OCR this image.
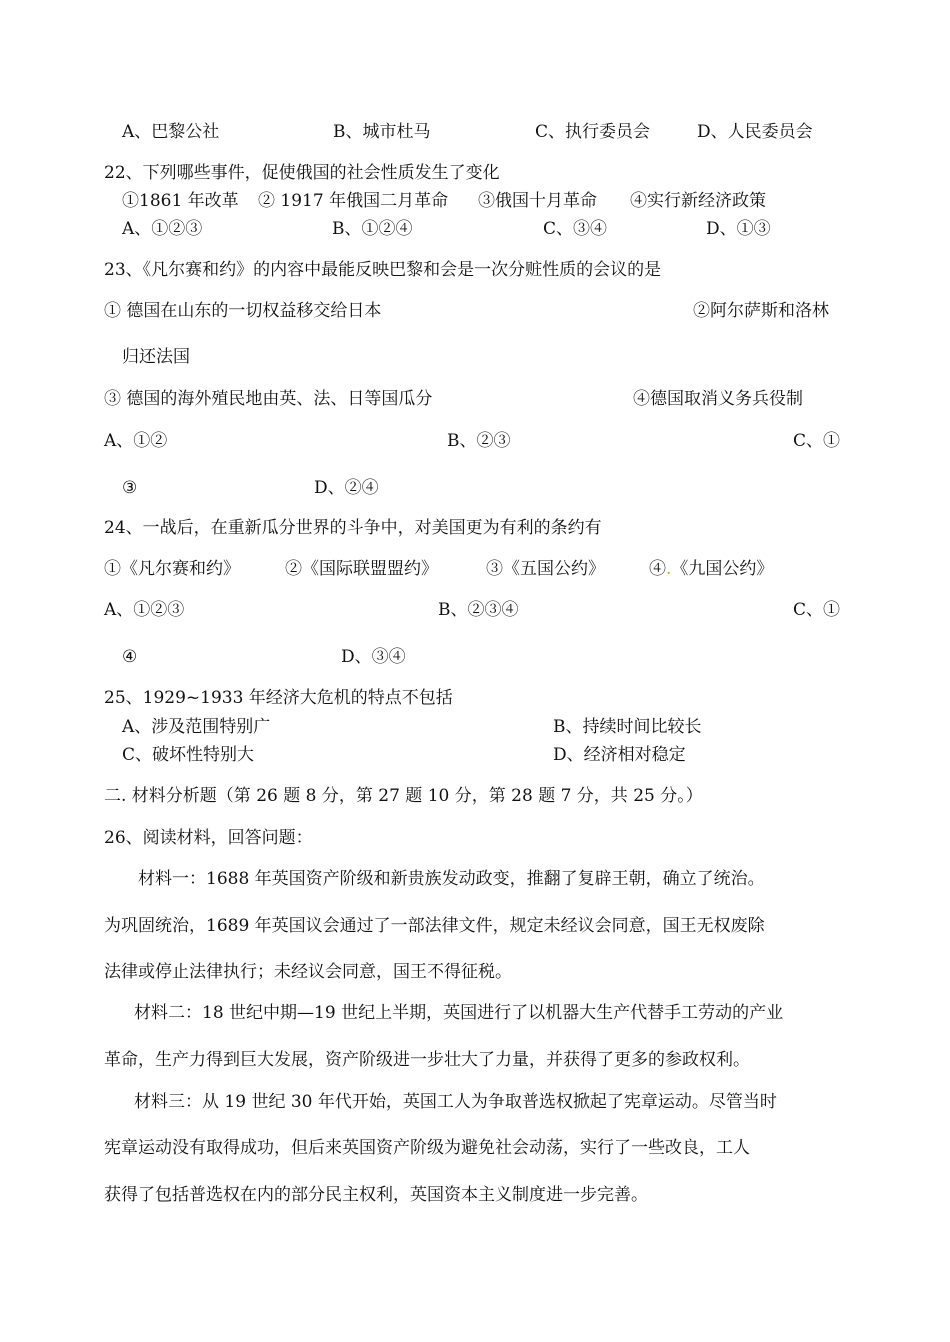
A、巴黎公社	B、城市杜马	C、执行委员会	D、人民委员会
22、下列哪些事件，促使俄国的社会性质发生了变化
①1861 年改革 ② 1917 年俄国二月革命 ③俄国十月革命 ④实行新经济政策
A、①②③	B、①②④	C、③④	D、①③
23、《凡尔赛和约》的内容中最能反映巴黎和会是一次分赃性质的会议的是
① 德国在山东的一切权益移交给日本	②阿尔萨斯和洛林
归还法国
③ 德国的海外殖民地由英、法、日等国瓜分	④德国取消义务兵役制
A、①②	B、②③	C、①
③	D、②④
24、一战后，在重新瓜分世界的斗争中，对美国更为有利的条约有
①《凡尔赛和约》	②《国际联盟盟约》	③《五国公约》	④.《九国公约》
A、①②③	B、②③④	C、①
④	D、③④
25、1929~1933 年经济大危机的特点不包括
A、涉及范围特别广	B、持续时间比较长
C、破坏性特别大	D、经济相对稳定
二. 材料分析题（第 26 题 8 分，第 27 题 10 分，第 28 题 7 分，共 25 分。）
26、阅读材料，回答问题：
材料一：1688 年英国资产阶级和新贵族发动政变，推翻了复辟王朝，确立了统治。
为巩固统治，1689 年英国议会通过了一部法律文件，规定未经议会同意，国王无权废除
法律或停止法律执行；未经议会同意，国王不得征税。
材料二：18 世纪中期—19 世纪上半期，英国进行了以机器大生产代替手工劳动的产业
革命，生产力得到巨大发展，资产阶级进一步壮大了力量，并获得了更多的参政权利。
材料三：从 19 世纪 30 年代开始，英国工人为争取普选权掀起了宪章运动。尽管当时
宪章运动没有取得成功，但后来英国资产阶级为避免社会动荡，实行了一些改良，工人
获得了包括普选权在内的部分民主权利，英国资本主义制度进一步完善。
